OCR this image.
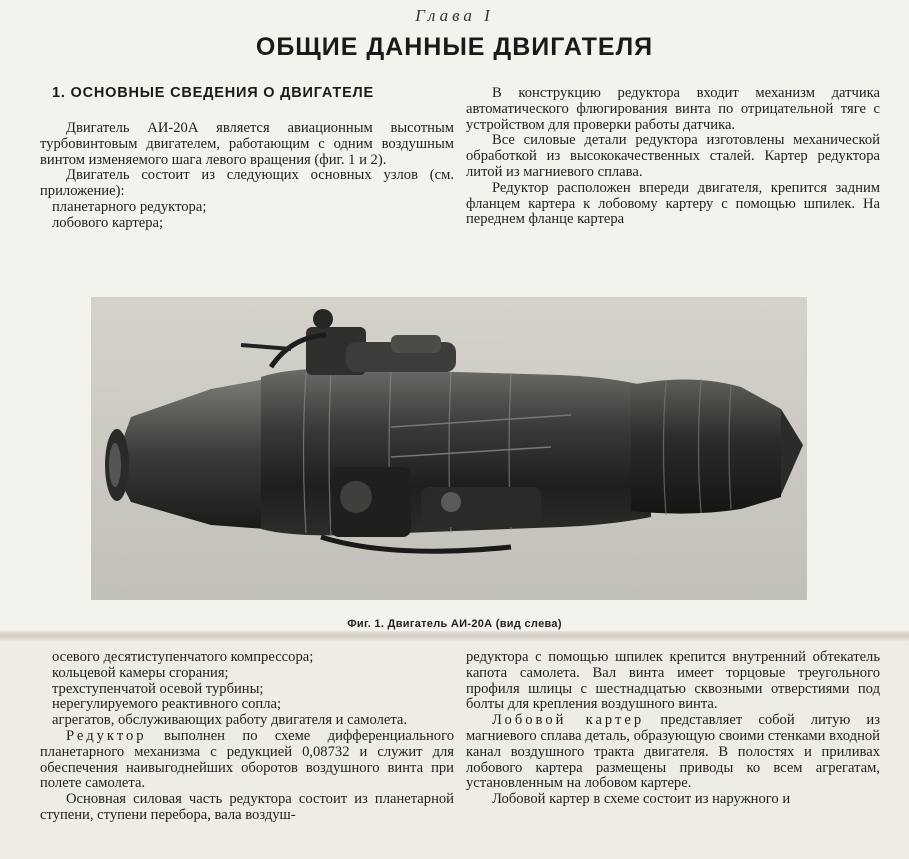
Глава I
ОБЩИЕ ДАННЫЕ ДВИГАТЕЛЯ
1. ОСНОВНЫЕ СВЕДЕНИЯ О ДВИГАТЕЛЕ

Двигатель АИ-20А является авиационным высотным турбовинтовым двигателем, работающим с одним воздушным винтом изменяемого шага левого вращения (фиг. 1 и 2).

Двигатель состоит из следующих основных узлов (см. приложение):

планетарного редуктора;

лобового картера;

В конструкцию редуктора входит механизм датчика автоматического флюгирования винта по отрицательной тяге с устройством для проверки работы датчика.

Все силовые детали редуктора изготовлены механической обработкой из высококачественных сталей. Картер редуктора литой из магниевого сплава.

Редуктор расположен впереди двигателя, крепится задним фланцем картера к лобовому картеру с помощью шпилек. На переднем фланце картера

Фиг. 1. Двигатель АИ-20А (вид слева)

осевого десятиступенчатого компрессора;

кольцевой камеры сгорания;

трехступенчатой осевой турбины;

нерегулируемого реактивного сопла;

агрегатов, обслуживающих работу двигателя и самолета.

Редуктор выполнен по схеме дифференциального планетарного механизма с редукцией 0,08732 и служит для обеспечения наивыгоднейших оборотов воздушного винта при полете самолета.

Основная силовая часть редуктора состоит из планетарной ступени, ступени перебора, вала воздуш-

редуктора с помощью шпилек крепится внутренний обтекатель капота самолета. Вал винта имеет торцовые треугольного профиля шлицы с шестнадцатью сквозными отверстиями под болты для крепления воздушного винта.

Лобовой картер представляет собой литую из магниевого сплава деталь, образующую своими стенками входной канал воздушного тракта двигателя. В полостях и приливах лобового картера размещены приводы ко всем агрегатам, установленным на лобовом картере.

Лобовой картер в схеме состоит из наружного и
